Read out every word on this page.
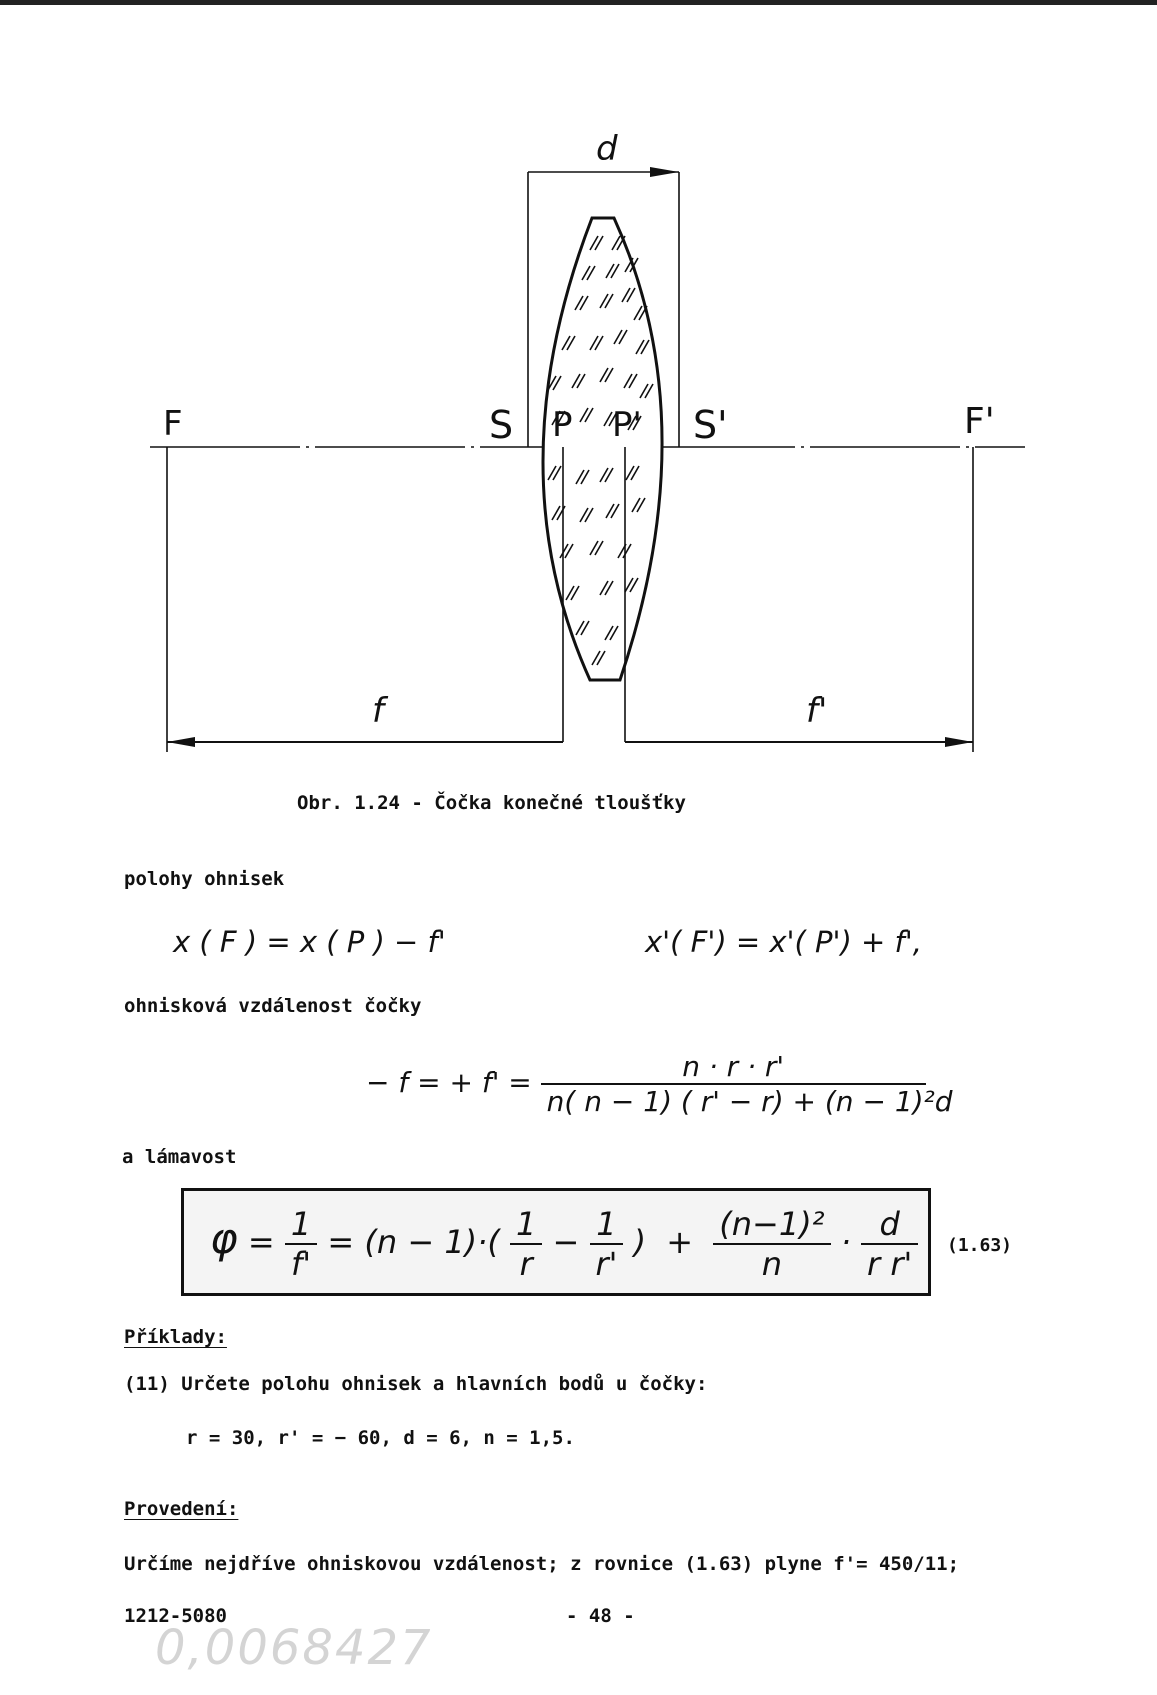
d
F	S P P' S'	F'
f	f'
Obr. 1.24 - Čočka konečné tloušťky
polohy ohnisek
x ( F ) = x ( P ) − f'	x'( F') = x'( P') + f',
ohnisková vzdálenost čočky
− f = + $f' = \frac{n \cdot r \cdot r'}{\text{n( n − 1) ( r' − r) + (n − 1)²d}}$
a lámavost
$\varphi = \frac{1}{f'} = (n - 1)\cdot( \frac{1}{r} - \frac{1}{r'}$ ) + $\frac{\text{(n−1)²}}{n} \cdot \frac{d}{\text{r r'}} (1.63)$
Příklady:
(11) Určete polohu ohnisek a hlavních bodů u čočky:
r = 30, r' = − 60, d = 6, n = 1,5.
Provedení:
Určíme nejdříve ohniskovou vzdálenost; z rovnice (1.63) plyne f'= 450/11;
1212-5080	- 48 -
0,0068427
